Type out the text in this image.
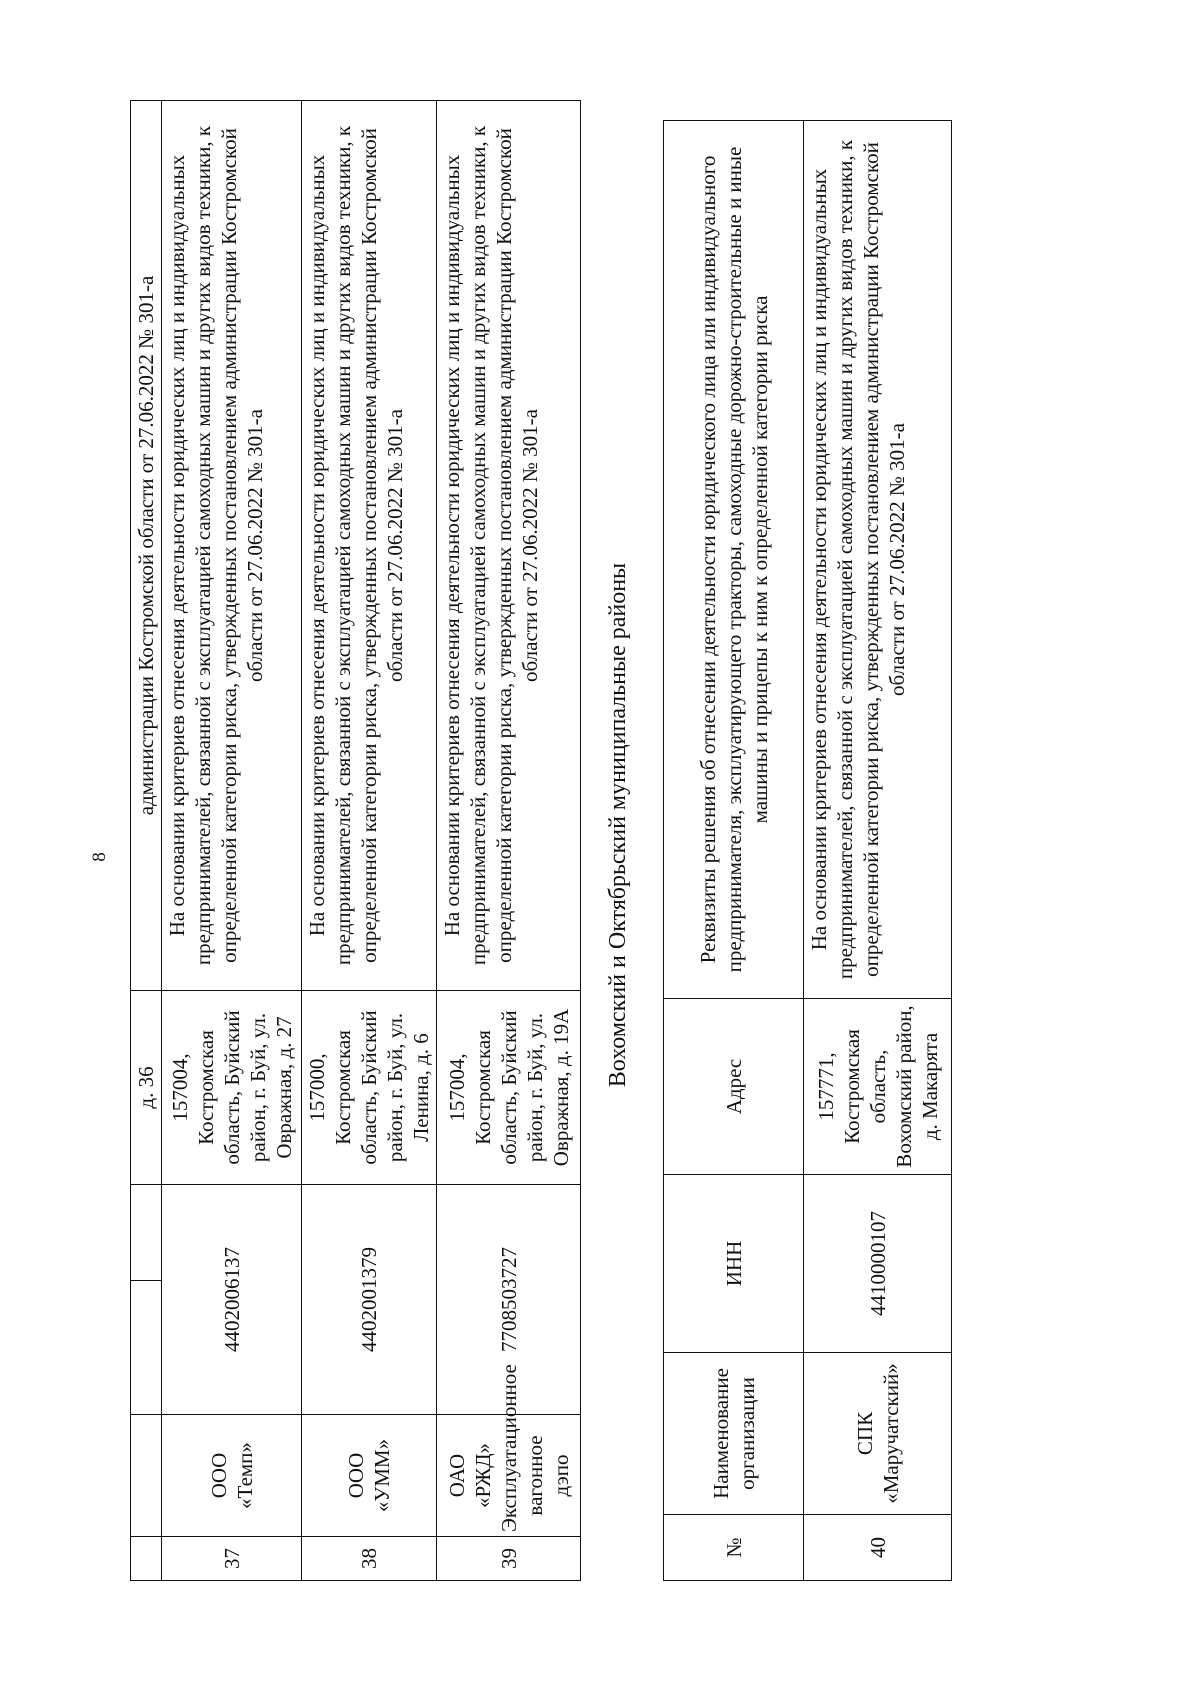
8
				д. 36	администрации Костромской области от 27.06.2022 № 301-а
37	ООО «Темп»	4402006137		157004, Костромская область, Буйский район, г. Буй, ул. Овражная, д. 27	На основании критериев отнесения деятельности юридических лиц и индивидуальных предпринимателей, связанной с эксплуатацией самоходных машин и других видов техники, к определенной категории риска, утвержденных постановлением администрации Костромской области от 27.06.2022 № 301-а
38	ООО «УММ»	4402001379		157000, Костромская область, Буйский район, г. Буй, ул. Ленина, д. 6	На основании критериев отнесения деятельности юридических лиц и индивидуальных предпринимателей, связанной с эксплуатацией самоходных машин и других видов техники, к определенной категории риска, утвержденных постановлением администрации Костромской области от 27.06.2022 № 301-а
39	ОАО «РЖД» Эксплуатационное вагонное дэпо	7708503727		157004, Костромская область, Буйский район, г. Буй, ул. Овражная, д. 19А	На основании критериев отнесения деятельности юридических лиц и индивидуальных предпринимателей, связанной с эксплуатацией самоходных машин и других видов техники, к определенной категории риска, утвержденных постановлением администрации Костромской области от 27.06.2022 № 301-а
Вохомский и Октябрьский муниципальные районы
№	Наименование организации	ИНН	Адрес	Реквизиты решения об отнесении деятельности юридического лица или индивидуального предпринимателя, эксплуатирующего тракторы, самоходные дорожно-строительные и иные машины и прицепы к ним к определенной категории риска
40	СПК «Маручатский»	4410000107	157771, Костромская область, Вохомский район, д. Макарята	На основании критериев отнесения деятельности юридических лиц и индивидуальных предпринимателей, связанной с эксплуатацией самоходных машин и других видов техники, к определенной категории риска, утвержденных постановлением администрации Костромской области от 27.06.2022 № 301-а
